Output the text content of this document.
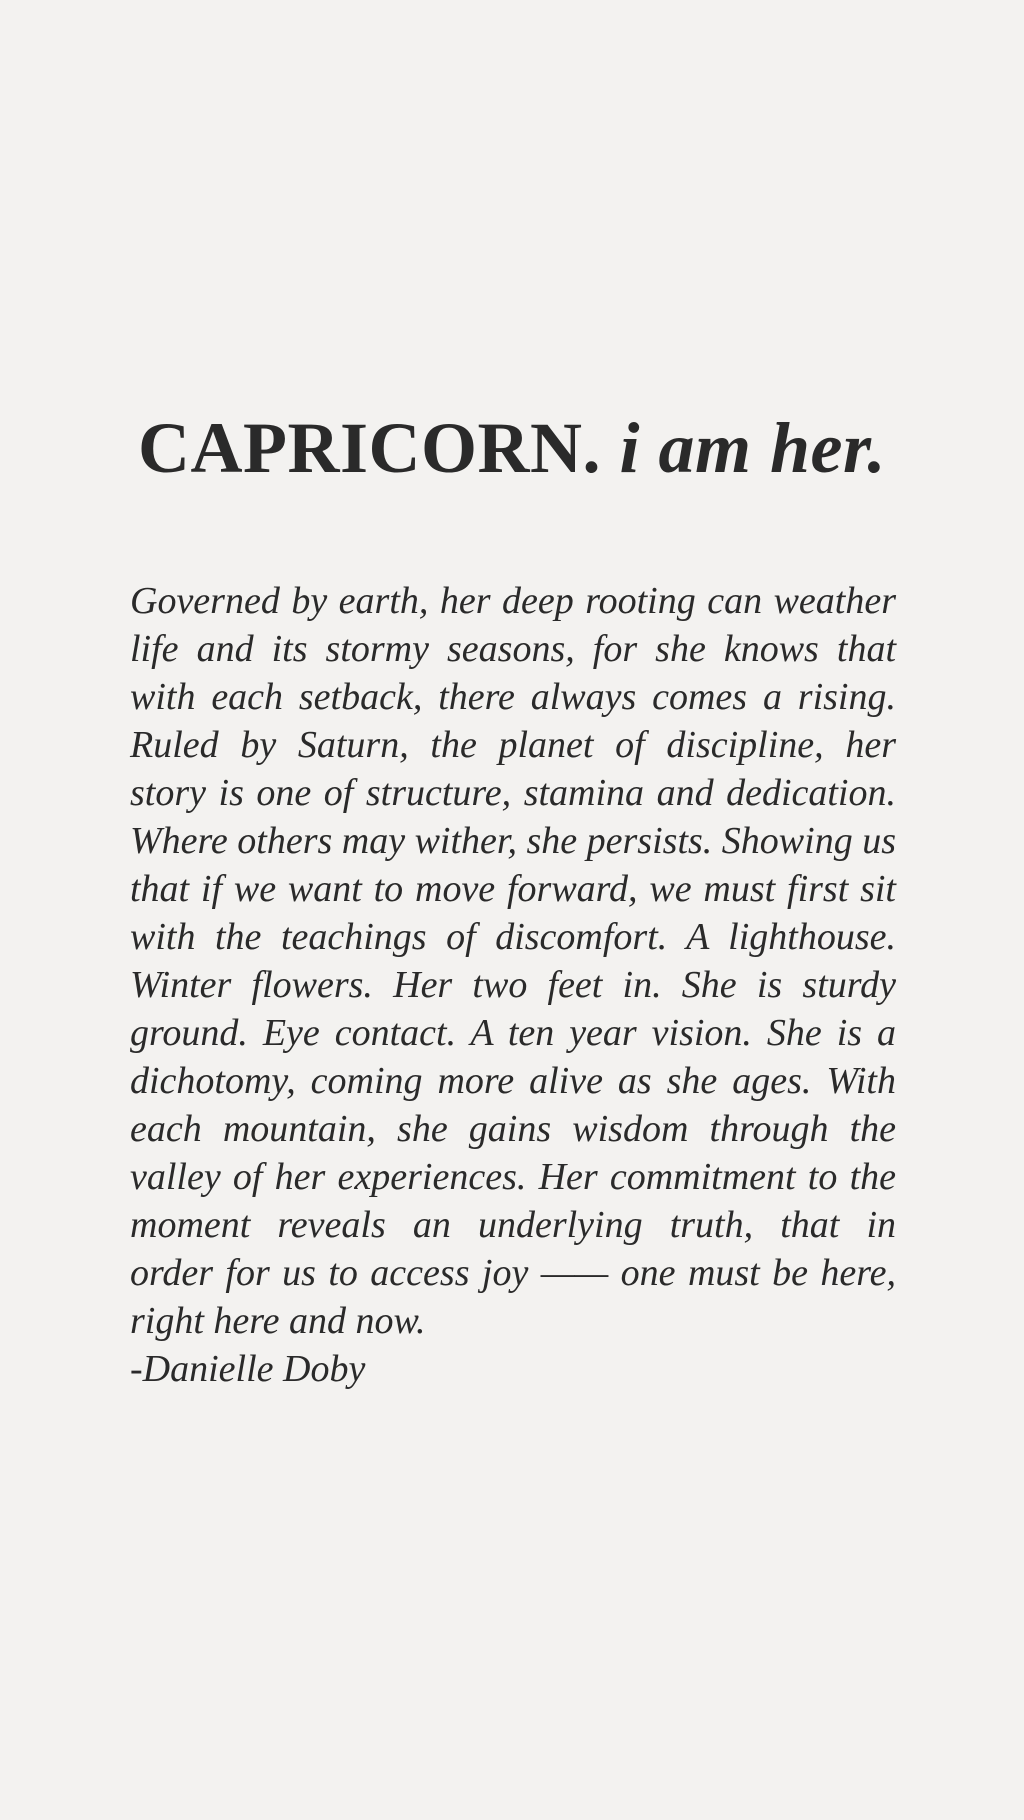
CAPRICORN. i am her.
Governed by earth, her deep rooting can weather
life and its stormy seasons, for she knows that
with each setback, there always comes a rising.
Ruled by Saturn, the planet of discipline, her
story is one of structure, stamina and dedication.
Where others may wither, she persists. Showing us
that if we want to move forward, we must first sit
with the teachings of discomfort. A lighthouse.
Winter flowers. Her two feet in. She is sturdy
ground. Eye contact. A ten year vision. She is a
dichotomy, coming more alive as she ages. With
each mountain, she gains wisdom through the
valley of her experiences. Her commitment to the
moment reveals an underlying truth, that in
order for us to access joy —— one must be here,
right here and now.
-Danielle Doby
